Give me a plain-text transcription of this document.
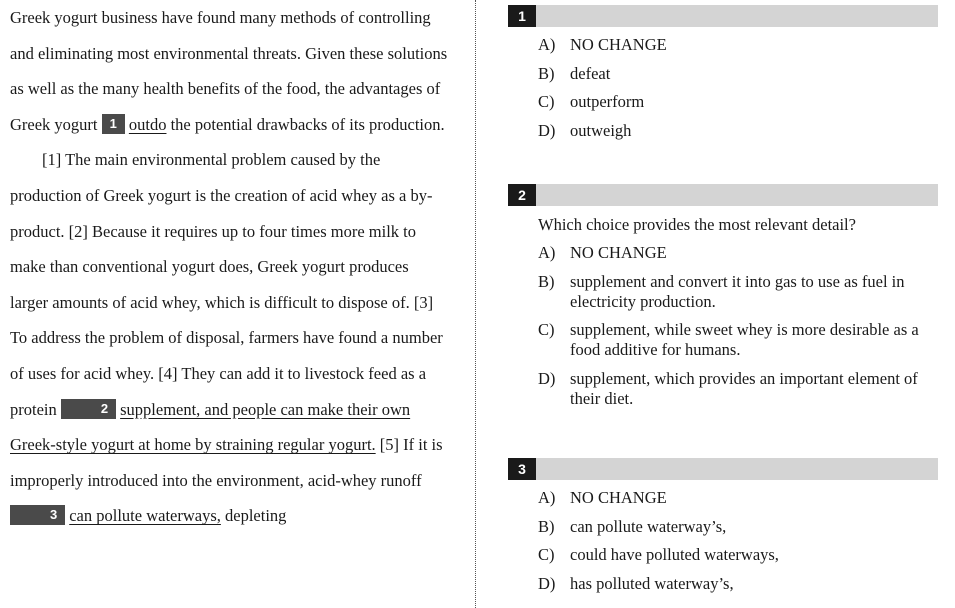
Greek yogurt business have found many methods of controlling and eliminating most environmental threats. Given these solutions as well as the many health benefits of the food, the advantages of Greek yogurt 1 outdo the potential drawbacks of its production.

[1] The main environmental problem caused by the production of Greek yogurt is the creation of acid whey as a by-product. [2] Because it requires up to four times more milk to make than conventional yogurt does, Greek yogurt produces larger amounts of acid whey, which is difficult to dispose of. [3] To address the problem of disposal, farmers have found a number of uses for acid whey. [4] They can add it to livestock feed as a protein	2 supplement, and people can make their own Greek-style yogurt at home by straining regular yogurt. [5] If it is improperly introduced into the environment, acid-whey runoff 3 can pollute waterways, depleting

1
A) NO CHANGE
B) defeat
C) outperform
D) outweigh
2
Which choice provides the most relevant detail?
A) NO CHANGE
B) supplement and convert it into gas to use as fuel in electricity production.
C) supplement, while sweet whey is more desirable as a food additive for humans.
D) supplement, which provides an important element of their diet.
3
A) NO CHANGE
B) can pollute waterway’s,
C) could have polluted waterways,
D) has polluted waterway’s,
